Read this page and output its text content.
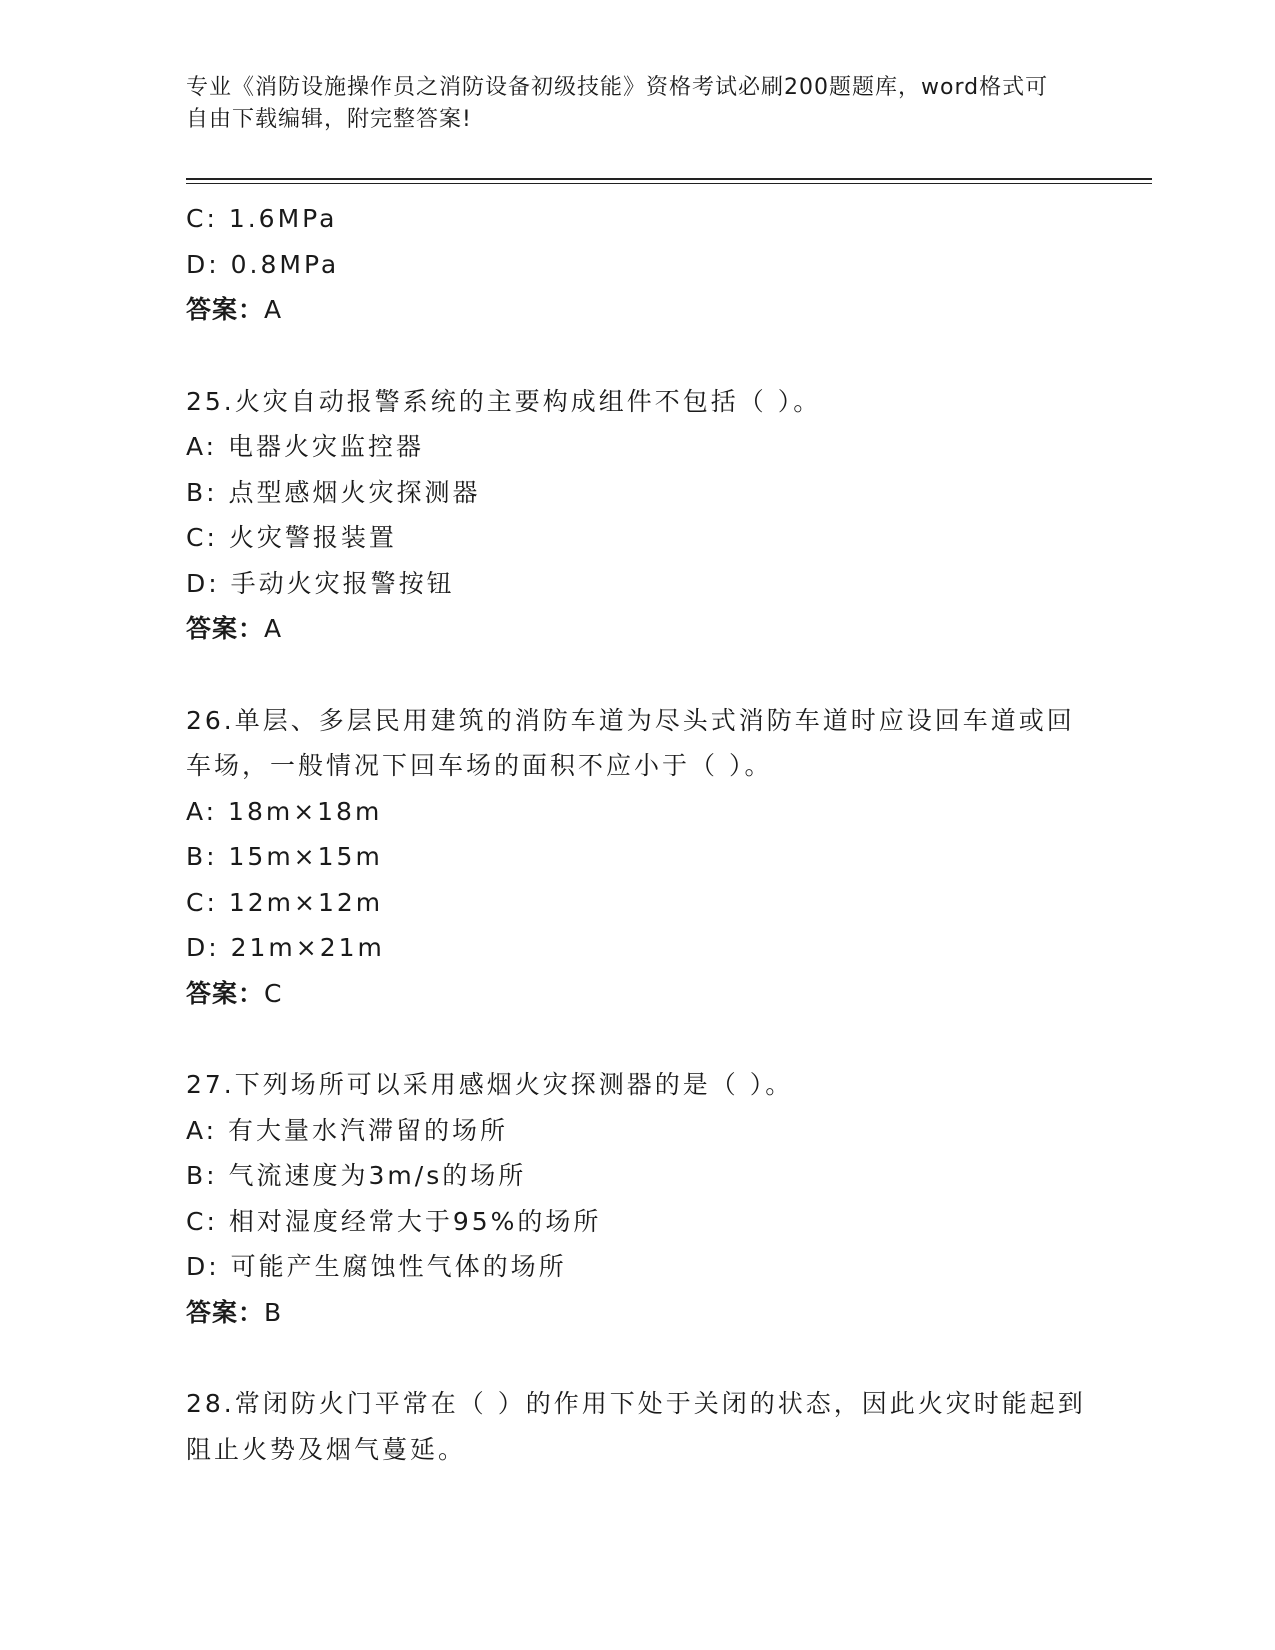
专业《消防设施操作员之消防设备初级技能》资格考试必刷200题题库，word格式可自由下载编辑，附完整答案!
C: 1.6MPa
D: 0.8MPa
答案：A
25.火灾自动报警系统的主要构成组件不包括（ ）。
A: 电器火灾监控器
B: 点型感烟火灾探测器
C: 火灾警报装置
D: 手动火灾报警按钮
答案：A
26.单层、多层民用建筑的消防车道为尽头式消防车道时应设回车道或回车场，一般情况下回车场的面积不应小于（ ）。
A: 18m×18m
B: 15m×15m
C: 12m×12m
D: 21m×21m
答案：C
27.下列场所可以采用感烟火灾探测器的是（ ）。
A: 有大量水汽滞留的场所
B: 气流速度为3m/s的场所
C: 相对湿度经常大于95%的场所
D: 可能产生腐蚀性气体的场所
答案：B
28.常闭防火门平常在（ ）的作用下处于关闭的状态，因此火灾时能起到阻止火势及烟气蔓延。
